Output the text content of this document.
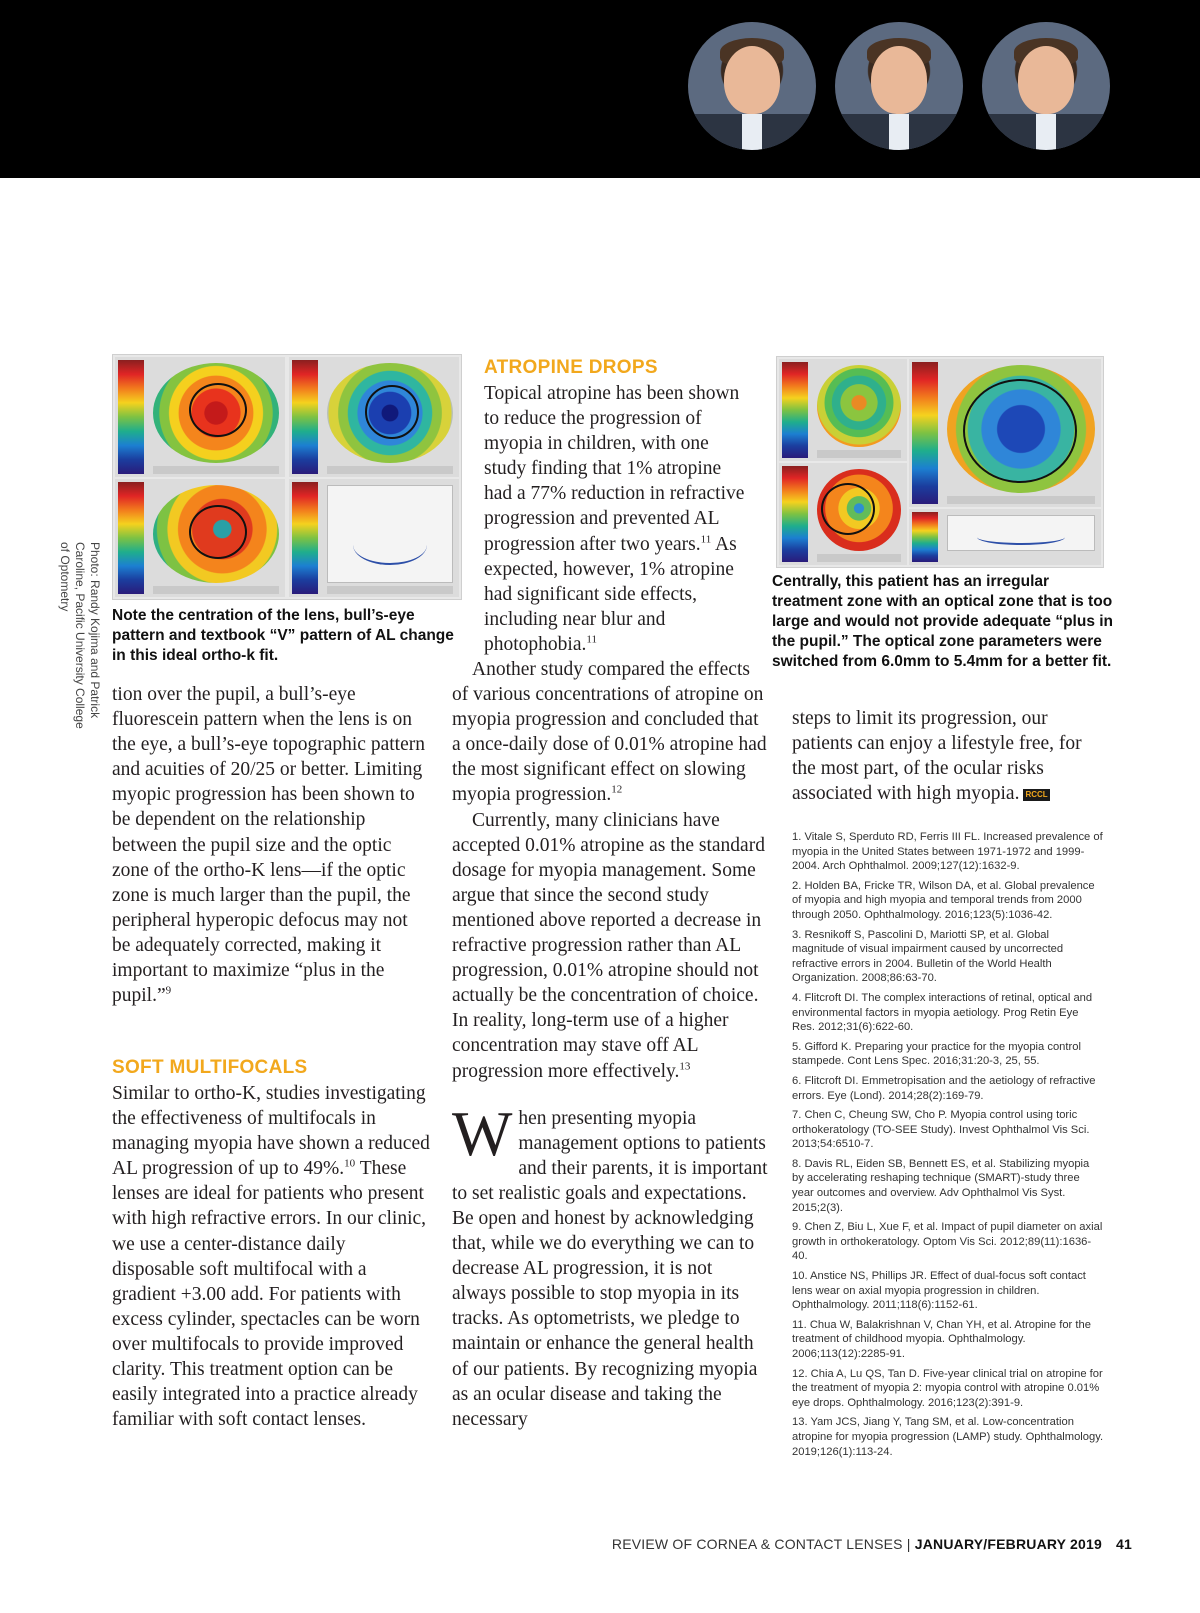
Photo: Randy Kojima and Patrick Caroline, Pacific University College of Optometry

Note the centration of the lens, bull’s-eye pattern and textbook “V” pattern of AL change in this ideal ortho-k fit.

Centrally, this patient has an irregular treatment zone with an optical zone that is too large and would not provide adequate “plus in the pupil.” The optical zone parameters were switched from 6.0mm to 5.4mm for a better fit.

tion over the pupil, a bull’s-eye fluorescein pattern when the lens is on the eye, a bull’s-eye topographic pattern and acuities of 20/25 or better. Limiting myopic progression has been shown to be dependent on the relationship between the pupil size and the optic zone of the ortho-K lens—if the optic zone is much larger than the pupil, the peripheral hyperopic defocus may not be adequately corrected, making it important to maximize “plus in the pupil.”$^9$

SOFT MULTIFOCALS

Similar to ortho-K, studies investigating the effectiveness of multifocals in managing myopia have shown a reduced AL progression of up to 49%.$^{10}$ These lenses are ideal for patients who present with high refractive errors. In our clinic, we use a center-distance daily disposable soft multifocal with a gradient +3.00 add. For patients with excess cylinder, spectacles can be worn over multifocals to provide improved clarity. This treatment option can be easily integrated into a practice already familiar with soft contact lenses.

ATROPINE DROPS

Topical atropine has been shown to reduce the progression of myopia in children, with one study finding that 1% atropine had a 77% reduction in refractive progression and prevented AL progression after two years.$^{11}$ As expected, however, 1% atropine had significant side effects, including near blur and photophobia.$^{11}$

Another study compared the effects of various concentrations of atropine on myopia progression and concluded that a once-daily dose of 0.01% atropine had the most significant effect on slowing myopia progression.$^{12}$

Currently, many clinicians have accepted 0.01% atropine as the standard dosage for myopia management. Some argue that since the second study mentioned above reported a decrease in refractive progression rather than AL progression, 0.01% atropine should not actually be the concentration of choice. In reality, long-term use of a higher concentration may stave off AL progression more effectively.$^{13}$

When presenting myopia management options to patients and their parents, it is important to set realistic goals and expectations. Be open and honest by acknowledging that, while we do everything we can to decrease AL progression, it is not always possible to stop myopia in its tracks. As optometrists, we pledge to maintain or enhance the general health of our patients. By recognizing myopia as an ocular disease and taking the necessary

steps to limit its progression, our patients can enjoy a lifestyle free, for the most part, of the ocular risks associated with high myopia. RCCL

1. Vitale S, Sperduto RD, Ferris III FL. Increased prevalence of myopia in the United States between 1971-1972 and 1999-2004. Arch Ophthalmol. 2009;127(12):1632-9.
2. Holden BA, Fricke TR, Wilson DA, et al. Global prevalence of myopia and high myopia and temporal trends from 2000 through 2050. Ophthalmology. 2016;123(5):1036-42.
3. Resnikoff S, Pascolini D, Mariotti SP, et al. Global magnitude of visual impairment caused by uncorrected refractive errors in 2004. Bulletin of the World Health Organization. 2008;86:63-70.
4. Flitcroft DI. The complex interactions of retinal, optical and environmental factors in myopia aetiology. Prog Retin Eye Res. 2012;31(6):622-60.
5. Gifford K. Preparing your practice for the myopia control stampede. Cont Lens Spec. 2016;31:20-3, 25, 55.
6. Flitcroft DI. Emmetropisation and the aetiology of refractive errors. Eye (Lond). 2014;28(2):169-79.
7. Chen C, Cheung SW, Cho P. Myopia control using toric orthokeratology (TO-SEE Study). Invest Ophthalmol Vis Sci. 2013;54:6510-7.
8. Davis RL, Eiden SB, Bennett ES, et al. Stabilizing myopia by accelerating reshaping technique (SMART)-study three year outcomes and overview. Adv Ophthalmol Vis Syst. 2015;2(3).
9. Chen Z, Biu L, Xue F, et al. Impact of pupil diameter on axial growth in orthokeratology. Optom Vis Sci. 2012;89(11):1636-40.
10. Anstice NS, Phillips JR. Effect of dual-focus soft contact lens wear on axial myopia progression in children. Ophthalmology. 2011;118(6):1152-61.
11. Chua W, Balakrishnan V, Chan YH, et al. Atropine for the treatment of childhood myopia. Ophthalmology. 2006;113(12):2285-91.
12. Chia A, Lu QS, Tan D. Five-year clinical trial on atropine for the treatment of myopia 2: myopia control with atropine 0.01% eye drops. Ophthalmology. 2016;123(2):391-9.
13. Yam JCS, Jiang Y, Tang SM, et al. Low-concentration atropine for myopia progression (LAMP) study. Ophthalmology. 2019;126(1):113-24.
REVIEW OF CORNEA & CONTACT LENSES | JANUARY/FEBRUARY 2019 41
